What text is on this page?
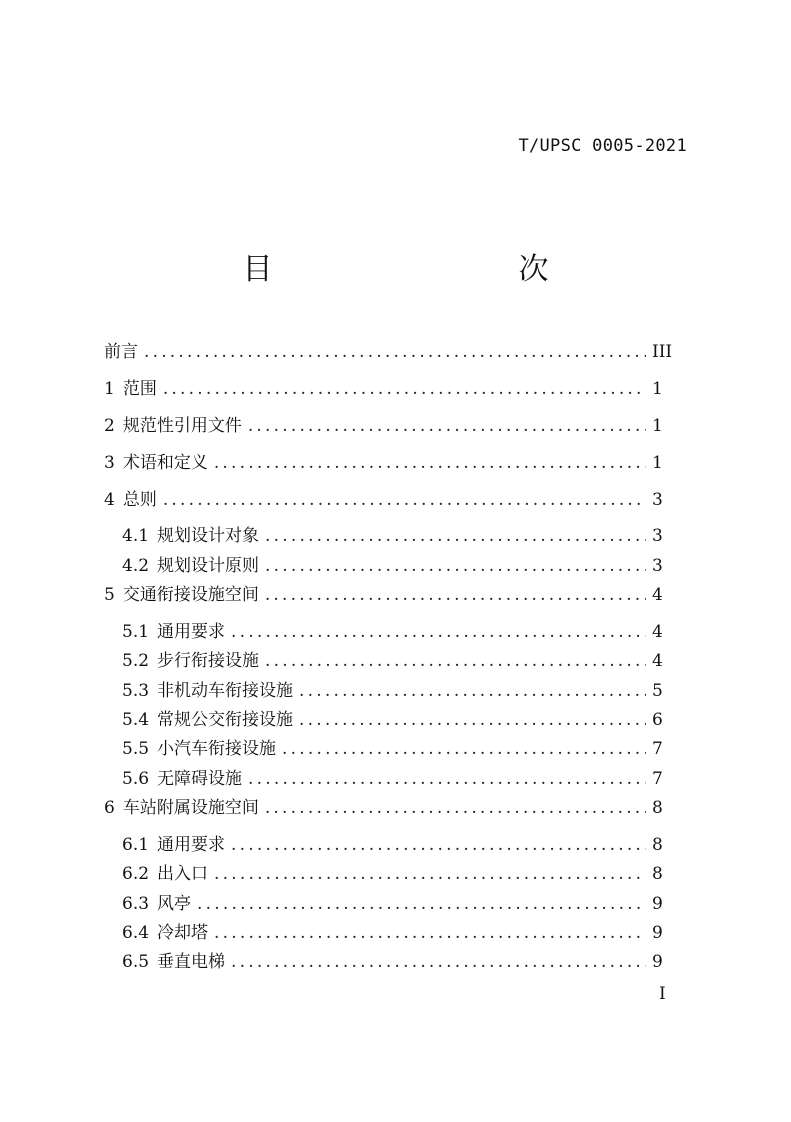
T/UPSC 0005-2021
目　　次
前言 .....	III
1 范围 .....	1
2 规范性引用文件 .....	1
3 术语和定义 .....	1
4 总则 .....	3
4.1 规划设计对象 .....	3
4.2 规划设计原则 .....	3
5 交通衔接设施空间 .....	4
5.1 通用要求 .....	4
5.2 步行衔接设施 .....	4
5.3 非机动车衔接设施 .....	5
5.4 常规公交衔接设施 .....	6
5.5 小汽车衔接设施 .....	7
5.6 无障碍设施 .....	7
6 车站附属设施空间 .....	8
6.1 通用要求 .....	8
6.2 出入口 .....	8
6.3 风亭 .....	9
6.4 冷却塔 .....	9
6.5 垂直电梯 .....	9
I
